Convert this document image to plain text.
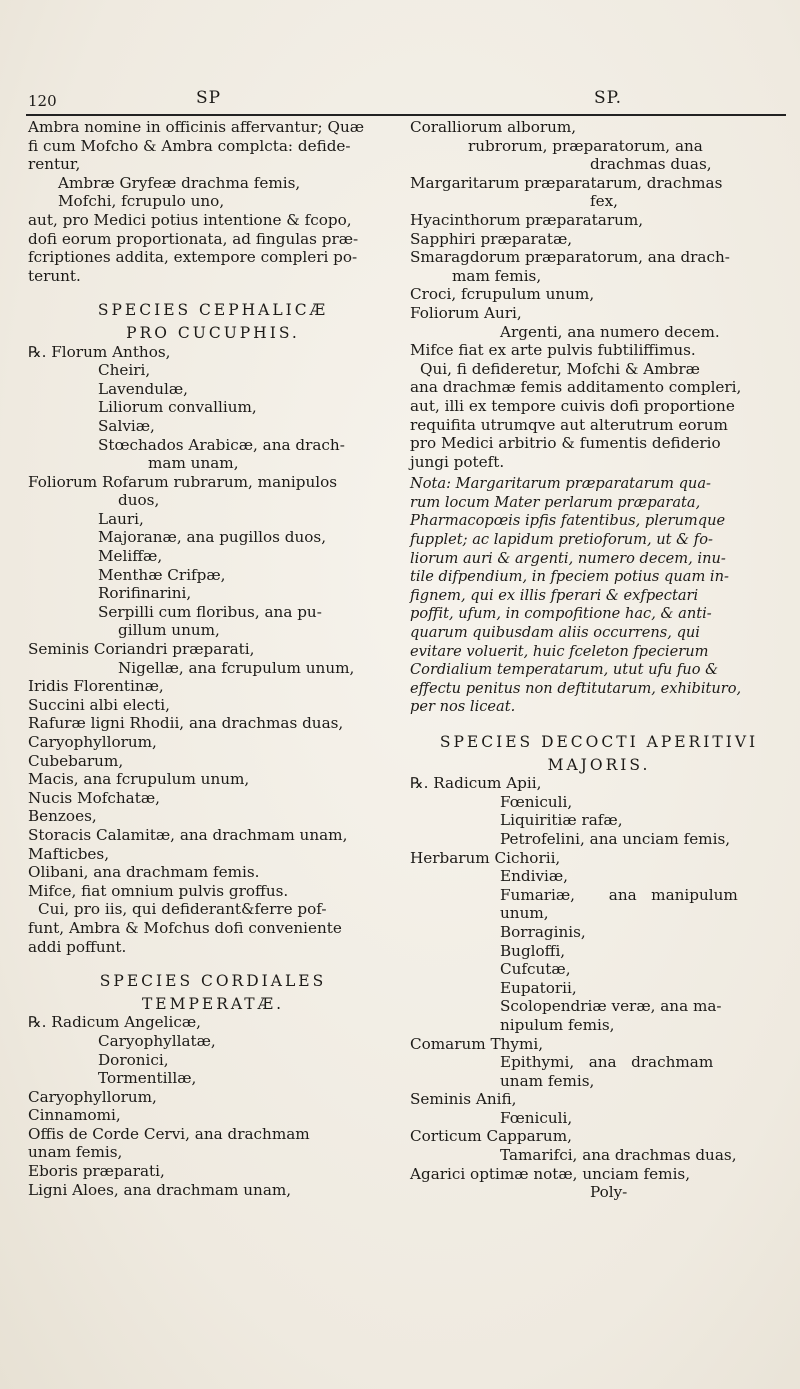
120	SP	SP.
Ambra nomine in officinis affervantur; Quæ
fi cum Mofcho & Ambra complcta: defide-
rentur,
Ambræ Gryfeæ drachma femis,
Mofchi, fcrupulo uno,
aut, pro Medici potius intentione & fcopo,
dofi eorum proportionata, ad fingulas præ-
fcriptiones addita, extempore compleri po-
terunt.
SPECIES CEPHALICÆ
PRO CUCUPHIS.
℞. Florum Anthos,
Cheiri,
Lavendulæ,
Liliorum convallium,
Salviæ,
Stœchados Arabicæ, ana drach-
mam unam,
Foliorum Rofarum rubrarum, manipulos
duos,
Lauri,
Majoranæ, ana pugillos duos,
Meliffæ,
Menthæ Crifpæ,
Rorifinarini,
Serpilli cum floribus, ana pu-
gillum unum,
Seminis Coriandri præparati,
Nigellæ, ana fcrupulum unum,
Iridis Florentinæ,
Succini albi electi,
Rafuræ ligni Rhodii, ana drachmas duas,
Caryophyllorum,
Cubebarum,
Macis, ana fcrupulum unum,
Nucis Mofchatæ,
Benzoes,
Storacis Calamitæ, ana drachmam unam,
Mafticbes,
Olibani, ana drachmam femis.
Mifce, fiat omnium pulvis groffus.
Cui, pro iis, qui defiderant&ferre pof-
funt, Ambra & Mofchus dofi conveniente
addi poffunt.
SPECIES CORDIALES
TEMPERATÆ.
℞. Radicum Angelicæ,
Caryophyllatæ,
Doronici,
Tormentillæ,
Caryophyllorum,
Cinnamomi,
Offis de Corde Cervi, ana drachmam
unam femis,
Eboris præparati,
Ligni Aloes, ana drachmam unam,
Coralliorum alborum,
rubrorum, præparatorum, ana
drachmas duas,
Margaritarum præparatarum, drachmas
fex,
Hyacinthorum præparatarum,
Sapphiri præparatæ,
Smaragdorum præparatorum, ana drach-
mam femis,
Croci, fcrupulum unum,
Foliorum Auri,
Argenti, ana numero decem.
Mifce fiat ex arte pulvis fubtiliffimus.
Qui, fi defideretur, Mofchi & Ambræ
ana drachmæ femis additamento compleri,
aut, illi ex tempore cuivis dofi proportione
requifita utrumqve aut alterutrum eorum
pro Medici arbitrio & fumentis defiderio
jungi poteft.
Nota: Margaritarum præparatarum qua-
rum locum Mater perlarum præparata,
Pharmacopœis ipfis fatentibus, plerumque
fupplet; ac lapidum pretioforum, ut & fo-
liorum auri & argenti, numero decem, inu-
tile difpendium, in fpeciem potius quam in-
fignem, qui ex illis fperari & exfpectari
poffit, ufum, in compofitione hac, & anti-
quarum quibusdam aliis occurrens, qui
evitare voluerit, huic fceleton fpecierum
Cordialium temperatarum, utut ufu fuo &
effectu penitus non deftitutarum, exhibituro,
per nos liceat.
SPECIES DECOCTI APERITIVI
MAJORIS.
℞. Radicum Apii,
Fœniculi,
Liquiritiæ rafæ,
Petrofelini, ana unciam femis,
Herbarum Cichorii,
Endiviæ,
Fumariæ,       ana   manipulum
unum,
Borraginis,
Bugloffi,
Cufcutæ,
Eupatorii,
Scolopendriæ veræ, ana ma-
nipulum femis,
Comarum Thymi,
Epithymi,   ana   drachmam
unam femis,
Seminis Anifi,
Fœniculi,
Corticum Capparum,
Tamarifci, ana drachmas duas,
Agarici optimæ notæ, unciam femis,
Poly-
